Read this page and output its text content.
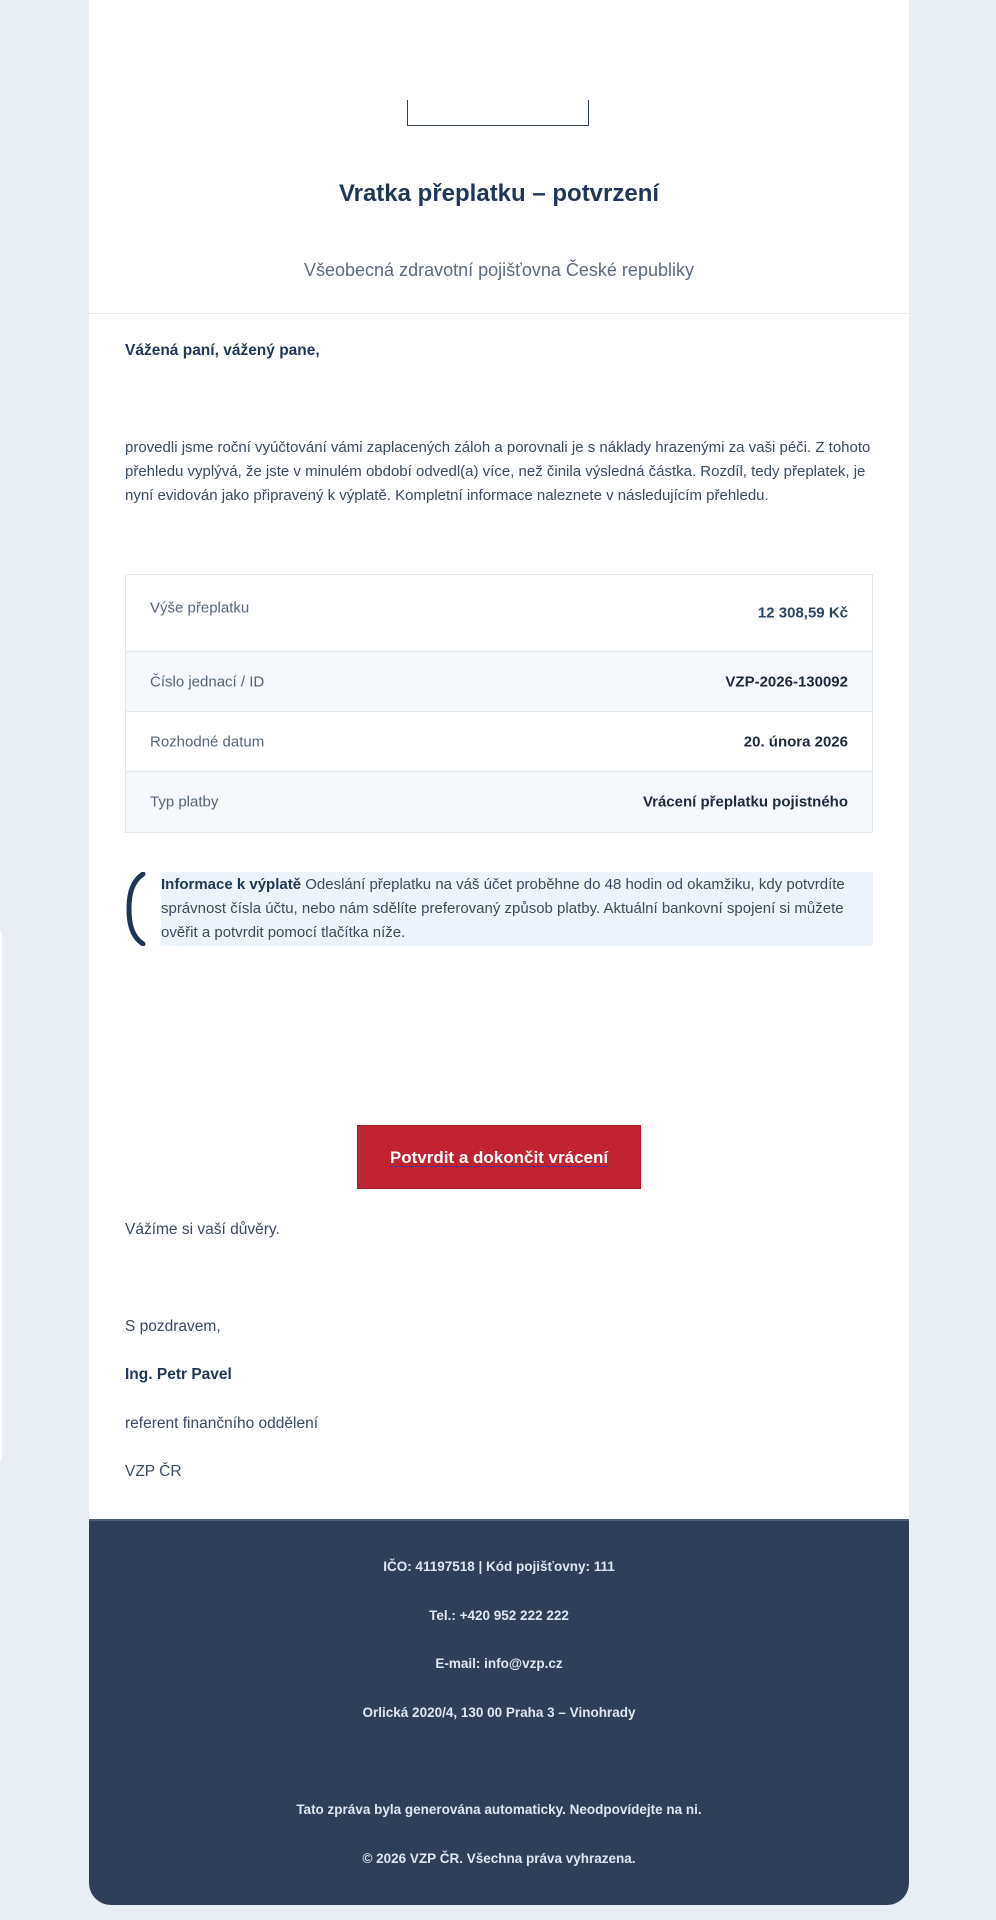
Vratka přeplatku – potvrzení
Všeobecná zdravotní pojišťovna České republiky
Vážená paní, vážený pane,
provedli jsme roční vyúčtování vámi zaplacených záloh a porovnali je s náklady hrazenými za vaši péči. Z tohoto přehledu vyplývá, že jste v minulém období odvedl(a) více, než činila výsledná částka. Rozdíl, tedy přeplatek, je nyní evidován jako připravený k výplatě. Kompletní informace naleznete v následujícím přehledu.
Výše přeplatku	12 308,59 Kč
Číslo jednací / ID	VZP-2026-130092
Rozhodné datum	20. února 2026
Typ platby	Vrácení přeplatku pojistného
Informace k výplatě Odeslání přeplatku na váš účet proběhne do 48 hodin od okamžiku, kdy potvrdíte správnost čísla účtu, nebo nám sdělíte preferovaný způsob platby. Aktuální bankovní spojení si můžete ověřit a potvrdit pomocí tlačítka níže.
Potvrdit a dokončit vrácení
Vážíme si vaší důvěry.
S pozdravem,
Ing. Petr Pavel
referent finančního oddělení
VZP ČR
IČO: 41197518 | Kód pojišťovny: 111
Tel.: +420 952 222 222
E-mail: info@vzp.cz
Orlická 2020/4, 130 00 Praha 3 – Vinohrady
Tato zpráva byla generována automaticky. Neodpovídejte na ni.
© 2026 VZP ČR. Všechna práva vyhrazena.
